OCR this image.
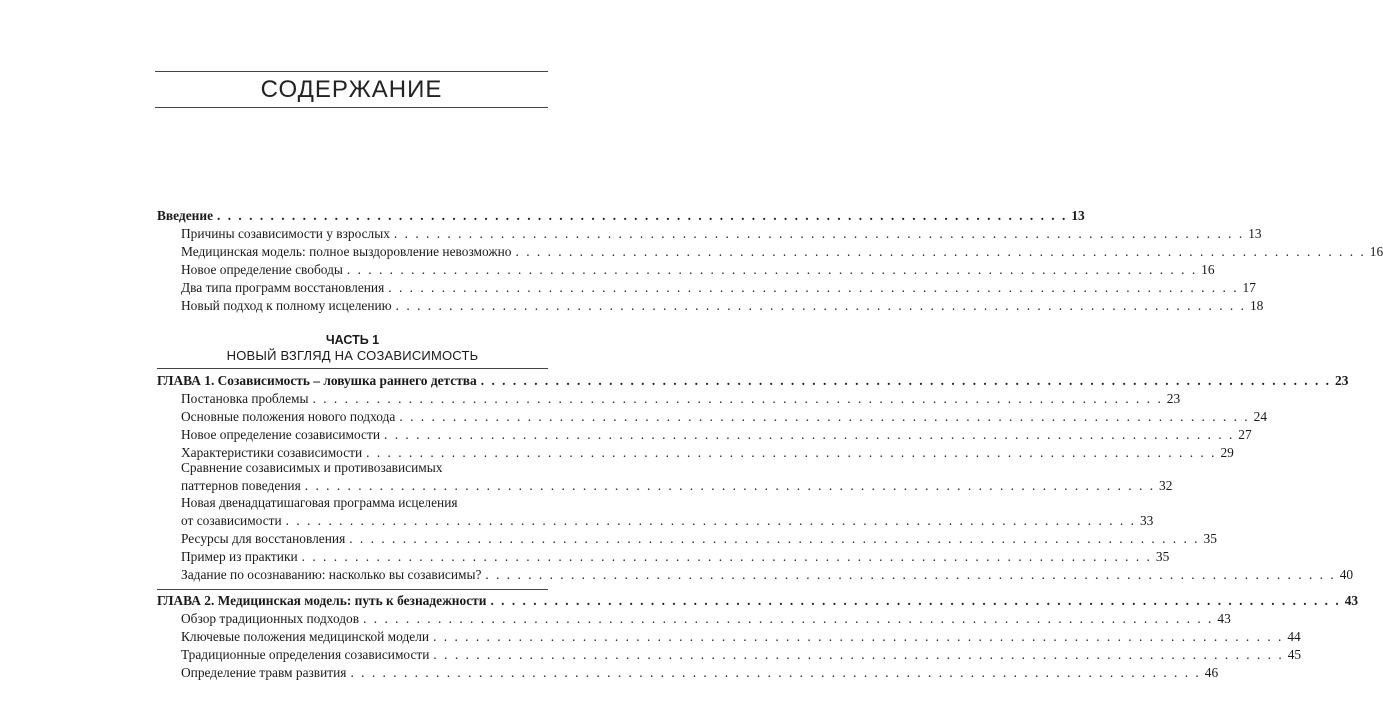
СОДЕРЖАНИЕ
Введение . . . . . . . . . . . . . . . . . . . . . . . . . . . . . . . . . . . . . . . . . . . . . . . . . . . . . . . . . . . . . . . . . . . . . . . . . . . . . . . . 13
Причины созависимости у взрослых . . . . . . . . . . . . . . . . . . . . . . . . . . . . . . . . . . . . . . . . . . . . . . . . . . . . . . . . . . . . . . . . . . . . . . . . . . . . . . . . 13
Медицинская модель: полное выздоровление невозможно . . . . . . . . . . . . . . . . . . . . . . . . . . . . . . . . . . . . . . . . . . . . . . . . . . . . . . . . . . . . . . . . . . . . . . . . . . . . . . . . 16
Новое определение свободы . . . . . . . . . . . . . . . . . . . . . . . . . . . . . . . . . . . . . . . . . . . . . . . . . . . . . . . . . . . . . . . . . . . . . . . . . . . . . . . . 16
Два типа программ восстановления . . . . . . . . . . . . . . . . . . . . . . . . . . . . . . . . . . . . . . . . . . . . . . . . . . . . . . . . . . . . . . . . . . . . . . . . . . . . . . . . 17
Новый подход к полному исцелению . . . . . . . . . . . . . . . . . . . . . . . . . . . . . . . . . . . . . . . . . . . . . . . . . . . . . . . . . . . . . . . . . . . . . . . . . . . . . . . . 18
ЧАСТЬ 1
НОВЫЙ ВЗГЛЯД НА СОЗАВИСИМОСТЬ
ГЛАВА 1. Созависимость – ловушка раннего детства . . . . . . . . . . . . . . . . . . . . . . . . . . . . . . . . . . . . . . . . . . . . . . . . . . . . . . . . . . . . . . . . . . . . . . . . . . . . . . . . 23
Постановка проблемы . . . . . . . . . . . . . . . . . . . . . . . . . . . . . . . . . . . . . . . . . . . . . . . . . . . . . . . . . . . . . . . . . . . . . . . . . . . . . . . . 23
Основные положения нового подхода . . . . . . . . . . . . . . . . . . . . . . . . . . . . . . . . . . . . . . . . . . . . . . . . . . . . . . . . . . . . . . . . . . . . . . . . . . . . . . . . 24
Новое определение созависимости . . . . . . . . . . . . . . . . . . . . . . . . . . . . . . . . . . . . . . . . . . . . . . . . . . . . . . . . . . . . . . . . . . . . . . . . . . . . . . . . 27
Характеристики созависимости . . . . . . . . . . . . . . . . . . . . . . . . . . . . . . . . . . . . . . . . . . . . . . . . . . . . . . . . . . . . . . . . . . . . . . . . . . . . . . . . 29
Сравнение созависимых и противозависимых
паттернов поведения . . . . . . . . . . . . . . . . . . . . . . . . . . . . . . . . . . . . . . . . . . . . . . . . . . . . . . . . . . . . . . . . . . . . . . . . . . . . . . . . 32
Новая двенадцатишаговая программа исцеления
от созависимости . . . . . . . . . . . . . . . . . . . . . . . . . . . . . . . . . . . . . . . . . . . . . . . . . . . . . . . . . . . . . . . . . . . . . . . . . . . . . . . . 33
Ресурсы для восстановления . . . . . . . . . . . . . . . . . . . . . . . . . . . . . . . . . . . . . . . . . . . . . . . . . . . . . . . . . . . . . . . . . . . . . . . . . . . . . . . . 35
Пример из практики . . . . . . . . . . . . . . . . . . . . . . . . . . . . . . . . . . . . . . . . . . . . . . . . . . . . . . . . . . . . . . . . . . . . . . . . . . . . . . . . 35
Задание по осознаванию: насколько вы созависимы? . . . . . . . . . . . . . . . . . . . . . . . . . . . . . . . . . . . . . . . . . . . . . . . . . . . . . . . . . . . . . . . . . . . . . . . . . . . . . . . . 40
ГЛАВА 2. Медицинская модель: путь к безнадежности . . . . . . . . . . . . . . . . . . . . . . . . . . . . . . . . . . . . . . . . . . . . . . . . . . . . . . . . . . . . . . . . . . . . . . . . . . . . . . . . 43
Обзор традиционных подходов . . . . . . . . . . . . . . . . . . . . . . . . . . . . . . . . . . . . . . . . . . . . . . . . . . . . . . . . . . . . . . . . . . . . . . . . . . . . . . . . 43
Ключевые положения медицинской модели . . . . . . . . . . . . . . . . . . . . . . . . . . . . . . . . . . . . . . . . . . . . . . . . . . . . . . . . . . . . . . . . . . . . . . . . . . . . . . . . 44
Традиционные определения созависимости . . . . . . . . . . . . . . . . . . . . . . . . . . . . . . . . . . . . . . . . . . . . . . . . . . . . . . . . . . . . . . . . . . . . . . . . . . . . . . . . 45
Определение травм развития . . . . . . . . . . . . . . . . . . . . . . . . . . . . . . . . . . . . . . . . . . . . . . . . . . . . . . . . . . . . . . . . . . . . . . . . . . . . . . . . 46
